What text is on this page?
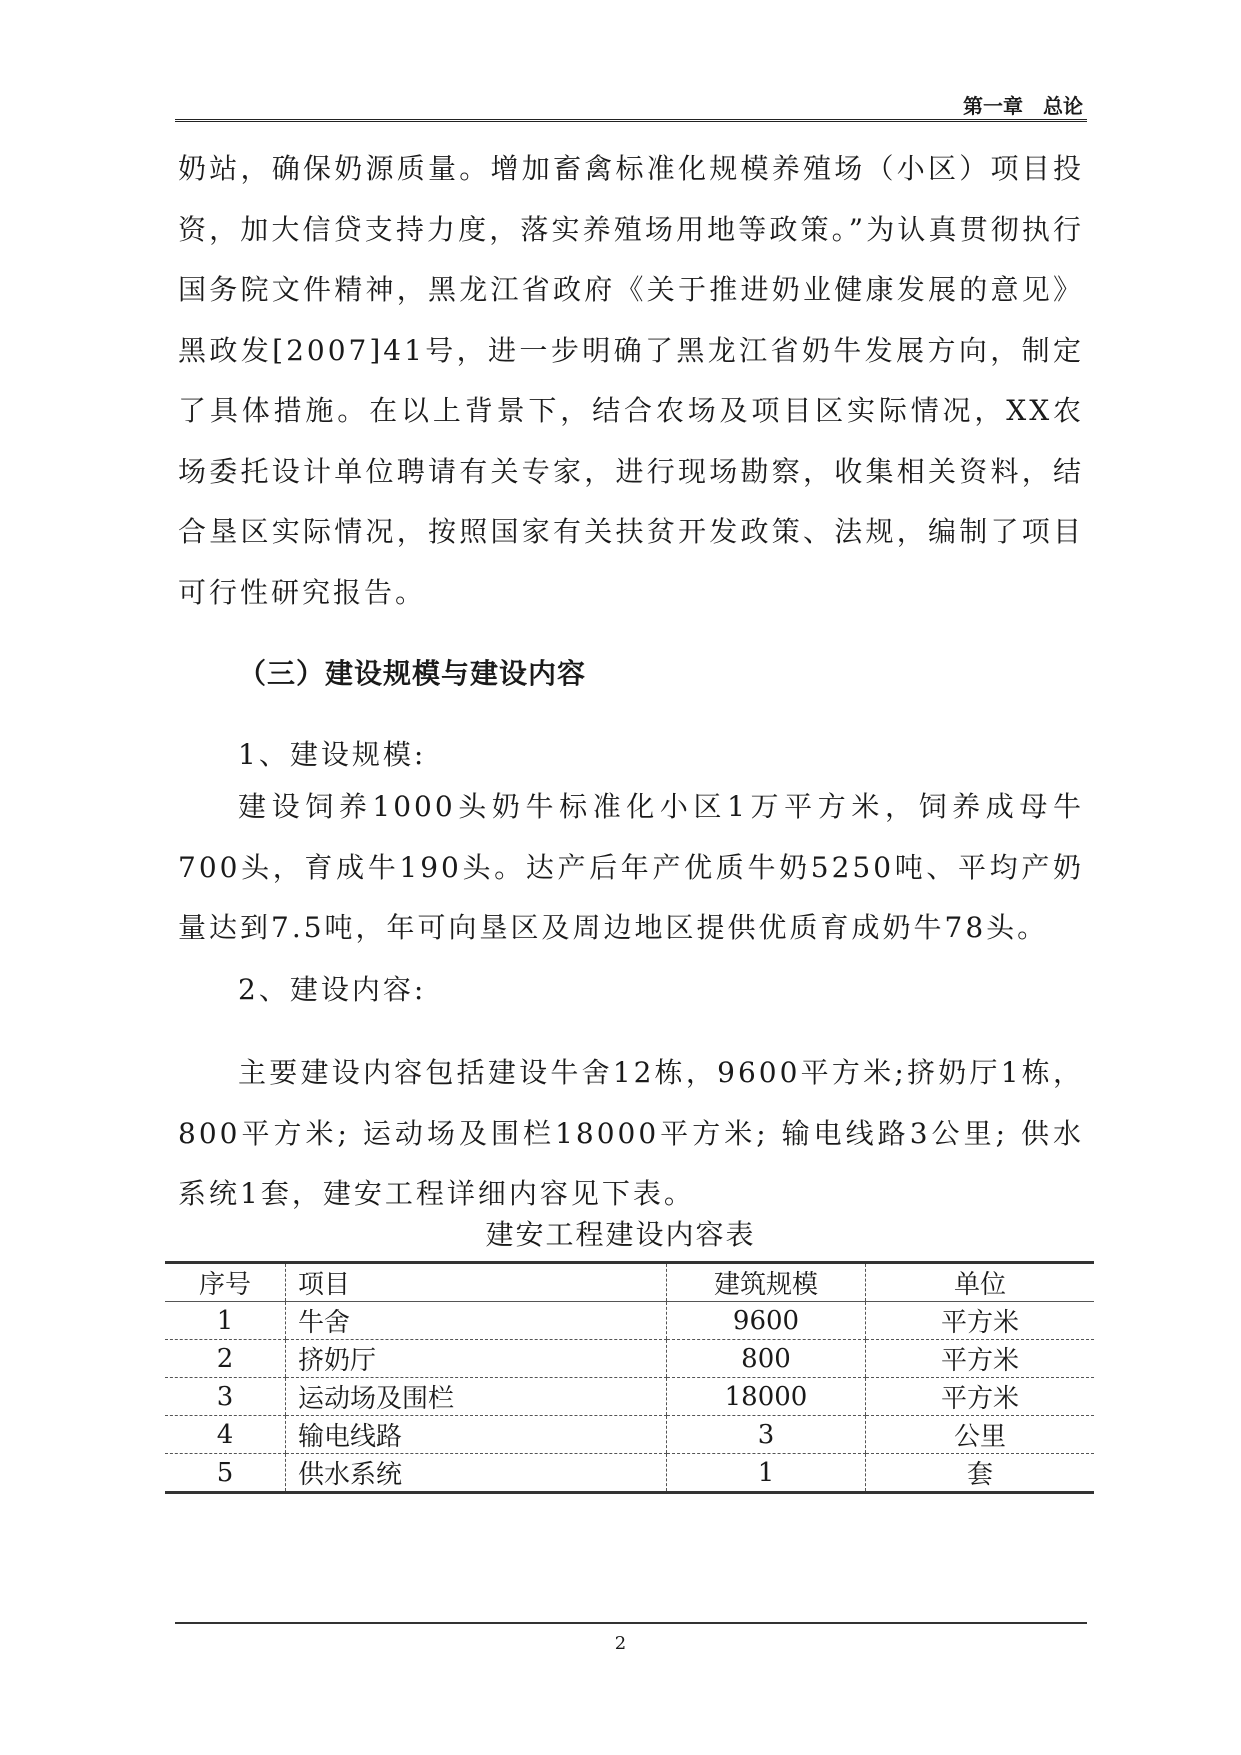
第一章　总论

奶站，确保奶源质量。增加畜禽标准化规模养殖场（小区）项目投资，加大信贷支持力度，落实养殖场用地等政策。”为认真贯彻执行国务院文件精神，黑龙江省政府《关于推进奶业健康发展的意见》黑政发[2007]41号，进一步明确了黑龙江省奶牛发展方向，制定了具体措施。在以上背景下，结合农场及项目区实际情况，XX农场委托设计单位聘请有关专家，进行现场勘察，收集相关资料，结合垦区实际情况，按照国家有关扶贫开发政策、法规，编制了项目可行性研究报告。

（三）建设规模与建设内容
1、建设规模:

建设饲养1000头奶牛标准化小区1万平方米，饲养成母牛700头，育成牛190头。达产后年产优质牛奶5250吨、平均产奶量达到7.5吨，年可向垦区及周边地区提供优质育成奶牛78头。

2、建设内容:

主要建设内容包括建设牛舍12栋，9600平方米;挤奶厅1栋，800平方米; 运动场及围栏18000平方米; 输电线路3公里; 供水系统1套，建安工程详细内容见下表。

建安工程建设内容表
序号	项目	建筑规模	单位
1	牛舍	9600	平方米
2	挤奶厅	800	平方米
3	运动场及围栏	18000	平方米
4	输电线路	3	公里
5	供水系统	1	套
2
